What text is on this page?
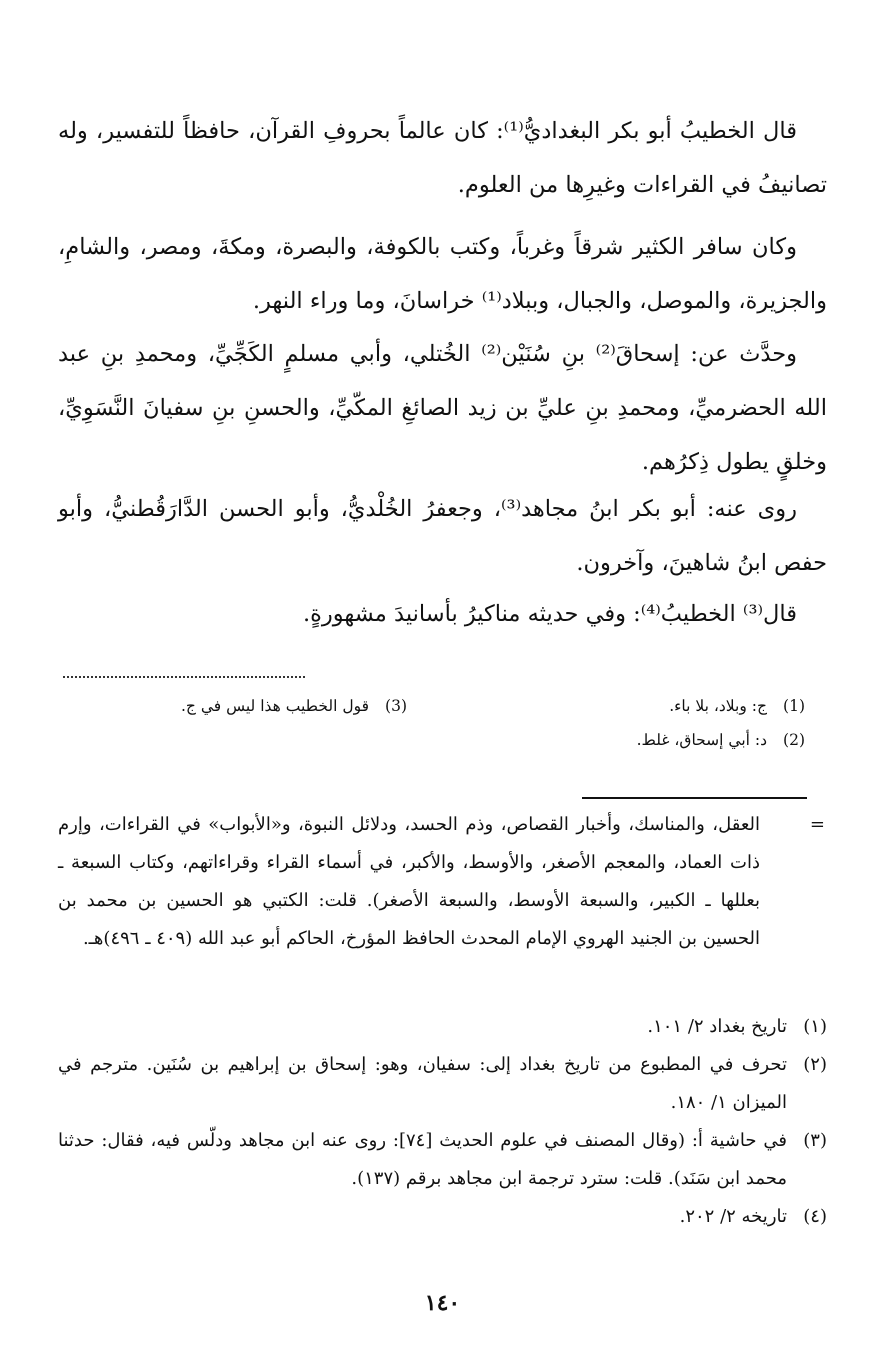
قال الخطيبُ أبو بكر البغداديُّ⁽¹⁾: كان عالماً بحروفِ القرآن، حافظاً للتفسير، وله تصانيفُ في القراءات وغيرِها من العلوم.

وكان سافر الكثير شرقاً وغرباً، وكتب بالكوفة، والبصرة، ومكةَ، ومصر، والشامِ، والجزيرة، والموصل، والجبال، وببلاد⁽¹⁾ خراسانَ، وما وراء النهر.

وحدَّث عن: إسحاقَ⁽²⁾ بنِ سُنَيْن⁽²⁾ الخُتلي، وأبي مسلمٍ الكَجِّيِّ، ومحمدِ بنِ عبد الله الحضرميِّ، ومحمدِ بنِ عليِّ بن زيد الصائغِ المكّيِّ، والحسنِ بنِ سفيانَ النَّسَوِيِّ، وخلقٍ يطول ذِكرُهم.

روى عنه: أبو بكر ابنُ مجاهد⁽³⁾، وجعفرُ الخُلْديُّ، وأبو الحسن الدَّارَقُطنيُّ، وأبو حفص ابنُ شاهينَ، وآخرون.

قال⁽³⁾ الخطيبُ⁽⁴⁾: وفي حديثه مناكيرُ بأسانيدَ مشهورةٍ.

(1)ج: وبلاد، بلا باء.
(2)د: أبي إسحاق، غلط.
(3)قول الخطيب هذا ليس في ج.
=

العقل، والمناسك، وأخبار القصاص، وذم الحسد، ودلائل النبوة، و«الأبواب» في القراءات، وإرم ذات العماد، والمعجم الأصغر، والأوسط، والأكبر، في أسماء القراء وقراءاتهم، وكتاب السبعة ـ بعللها ـ الكبير، والسبعة الأوسط، والسبعة الأصغر). قلت: الكتبي هو الحسين بن محمد بن الحسين بن الجنيد الهروي الإمام المحدث الحافظ المؤرخ، الحاكم أبو عبد الله (٤٠٩ ـ ٤٩٦)هـ.

(١)
تاريخ بغداد ٢/ ١٠١.
(٢)
تحرف في المطبوع من تاريخ بغداد إلى: سفيان، وهو: إسحاق بن إبراهيم بن سُنَين. مترجم في الميزان ١/ ١٨٠.
(٣)
في حاشية أ: (وقال المصنف في علوم الحديث [٧٤]: روى عنه ابن مجاهد ودلّس فيه، فقال: حدثنا محمد ابن سَنَد). قلت: سترد ترجمة ابن مجاهد برقم (١٣٧).
(٤)
تاريخه ٢/ ٢٠٢.
١٤٠
